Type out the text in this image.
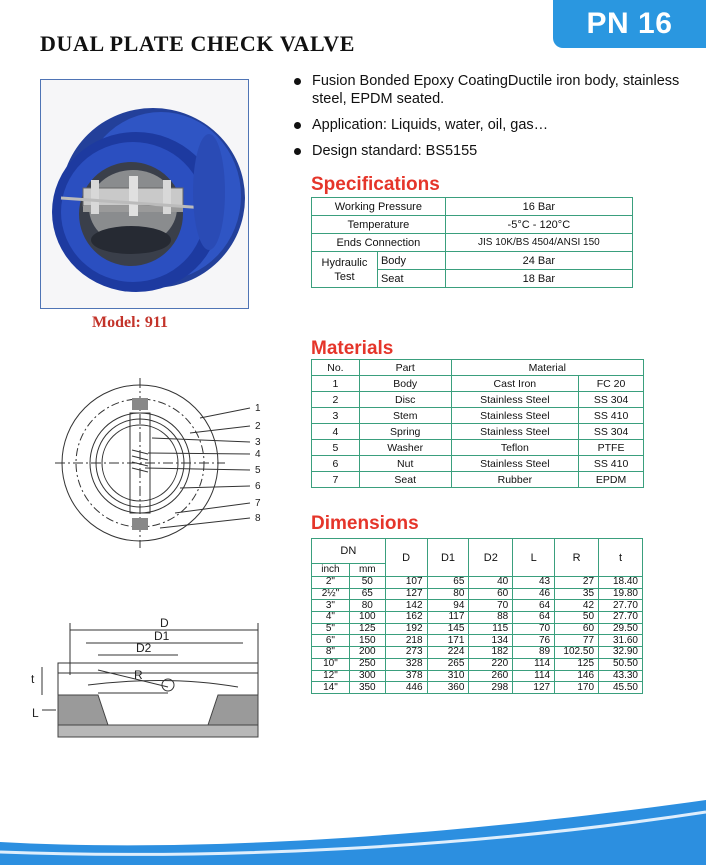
PN 16
DUAL PLATE CHECK VALVE
Model: 911
Fusion Bonded Epoxy CoatingDuctile iron body, stainless steel, EPDM seated.
Application: Liquids, water, oil, gas…
Design standard: BS5155
Specifications
Working Pressure		16 Bar
Temperature		-5°C - 120°C
Ends Connection		JIS 10K/BS 4504/ANSI 150
Hydraulic Test	Body	24 Bar
	Seat	18 Bar
Materials
No.	Part	Material	
1	Body	Cast Iron	FC 20
2	Disc	Stainless Steel	SS 304
3	Stem	Stainless Steel	SS 410
4	Spring	Stainless Steel	SS 304
5	Washer	Teflon	PTFE
6	Nut	Stainless Steel	SS 410
7	Seat	Rubber	EPDM
Dimensions
DN		D	D1	D2	L	R	t
inch	mm						
2"	50	107	65	40	43	27	18.40
2½"	65	127	80	60	46	35	19.80
3"	80	142	94	70	64	42	27.70
4"	100	162	117	88	64	50	27.70
5"	125	192	145	115	70	60	29.50
6"	150	218	171	134	76	77	31.60
8"	200	273	224	182	89	102.50	32.90
10"	250	328	265	220	114	125	50.50
12"	300	378	310	260	114	146	43.30
14"	350	446	360	298	127	170	45.50
1
2
3
4
5
6
7
8
D
D1
D2
R
t
L
